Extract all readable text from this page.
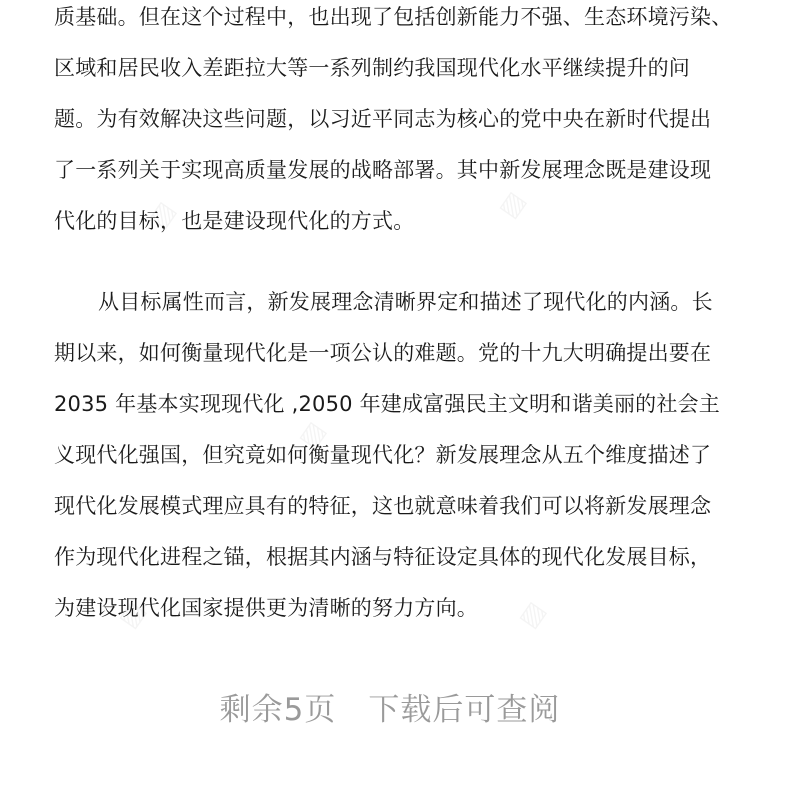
质基础。但在这个过程中，也出现了包括创新能力不强、生态环境污染、
区域和居民收入差距拉大等一系列制约我国现代化水平继续提升的问
题。为有效解决这些问题，以习近平同志为核心的党中央在新时代提出
了一系列关于实现高质量发展的战略部署。其中新发展理念既是建设现
代化的目标，也是建设现代化的方式。
从目标属性而言，新发展理念清晰界定和描述了现代化的内涵。长
期以来，如何衡量现代化是一项公认的难题。党的十九大明确提出要在
2035 年基本实现现代化 ,2050 年建成富强民主文明和谐美丽的社会主
义现代化强国，但究竟如何衡量现代化？新发展理念从五个维度描述了
现代化发展模式理应具有的特征，这也就意味着我们可以将新发展理念
作为现代化进程之锚，根据其内涵与特征设定具体的现代化发展目标，
为建设现代化国家提供更为清晰的努力方向。
剩余5页　下载后可查阅
